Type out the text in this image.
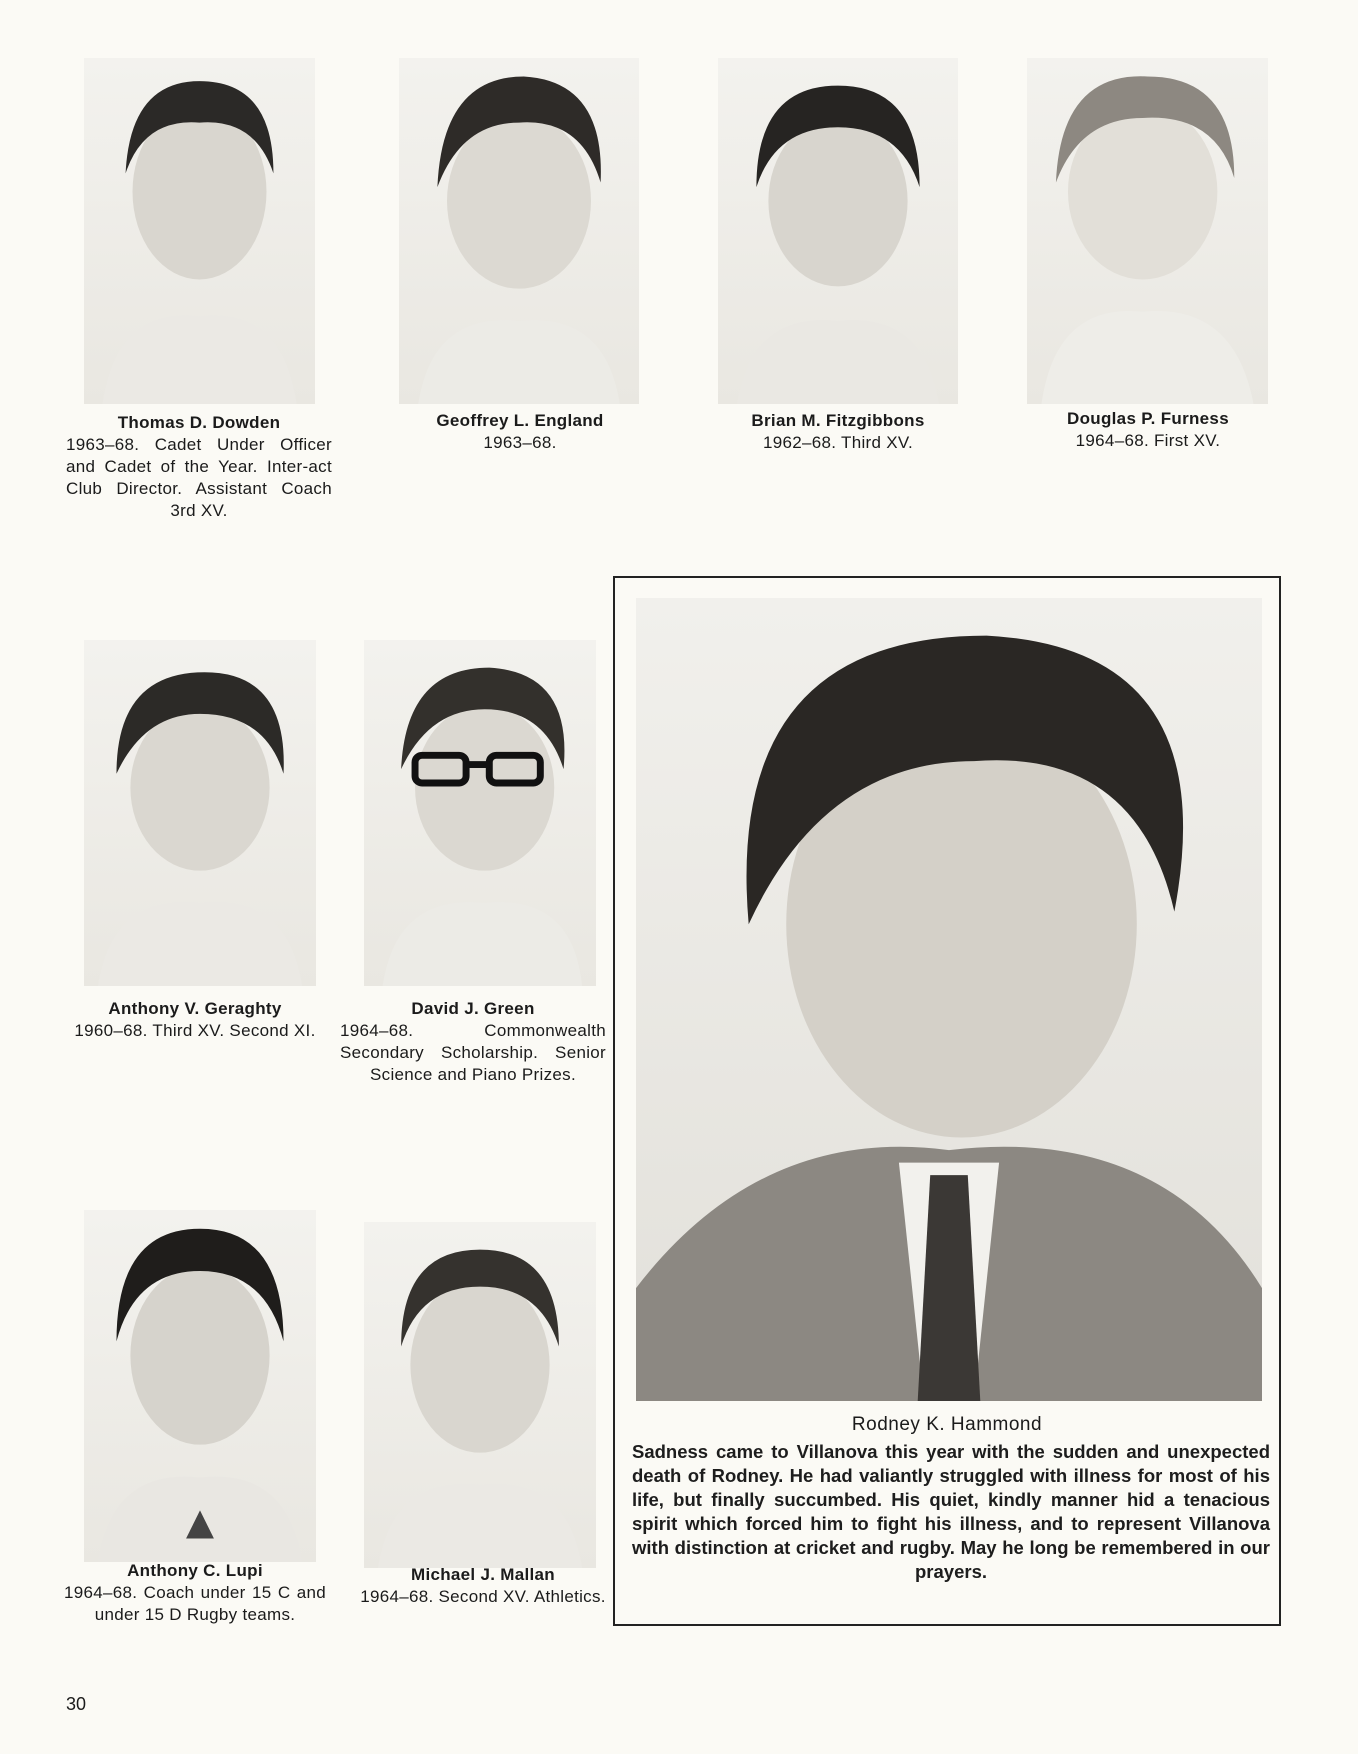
Thomas D. Dowden
1963–68. Cadet Under Officer and Cadet of the Year. Inter-act Club Director. Assistant Coach 3rd XV.
Geoffrey L. England
1963–68.
Brian M. Fitzgibbons
1962–68. Third XV.
Douglas P. Furness
1964–68. First XV.
Anthony V. Geraghty
1960–68. Third XV. Second XI.
David J. Green
1964–68. Commonwealth Secondary Scholarship. Senior Science and Piano Prizes.
Anthony C. Lupi
1964–68. Coach under 15 C and under 15 D Rugby teams.
Michael J. Mallan
1964–68. Second XV. Athletics.
Rodney K. Hammond
Sadness came to Villanova this year with the sudden and unexpected death of Rodney. He had valiantly struggled with illness for most of his life, but finally succumbed. His quiet, kindly manner hid a tenacious spirit which forced him to fight his illness, and to represent Villanova with distinction at cricket and rugby. May he long be remembered in our prayers.
30
